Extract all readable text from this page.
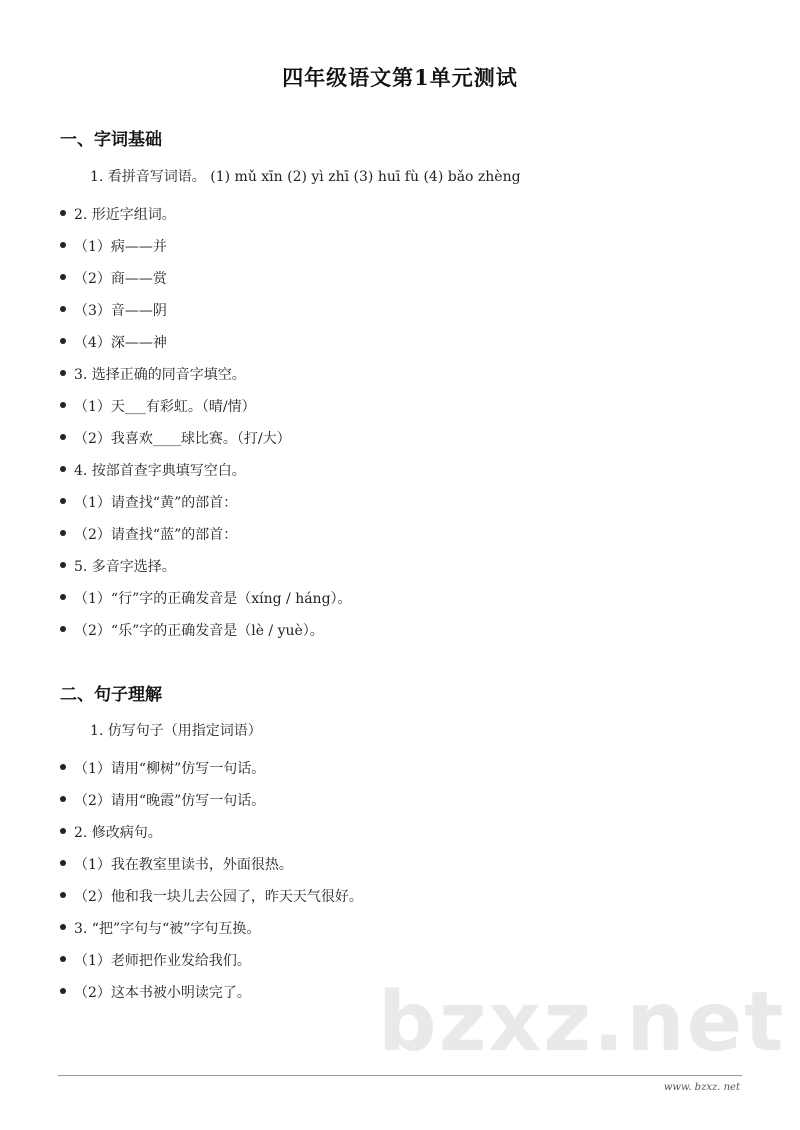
四年级语文第1单元测试
一、字词基础
1. 看拼音写词语。 (1) mǔ xīn (2) yì zhī (3) huī fù (4) bǎo zhèng
2. 形近字组词。
（1）病——并
（2）商——赏
（3）音——阴
（4）深——神
3. 选择正确的同音字填空。
（1）天___有彩虹。（晴/情）
（2）我喜欢____球比赛。（打/大）
4. 按部首查字典填写空白。
（1）请查找“黄”的部首：
（2）请查找“蓝”的部首：
5. 多音字选择。
（1）“行”字的正确发音是（xíng / háng）。
（2）“乐”字的正确发音是（lè / yuè）。
二、句子理解
1. 仿写句子（用指定词语）
（1）请用“柳树”仿写一句话。
（2）请用“晚霞”仿写一句话。
2. 修改病句。
（1）我在教室里读书，外面很热。
（2）他和我一块儿去公园了，昨天天气很好。
3. “把”字句与“被”字句互换。
（1）老师把作业发给我们。
（2）这本书被小明读完了。 bzxz.net
www. bzxz. net
